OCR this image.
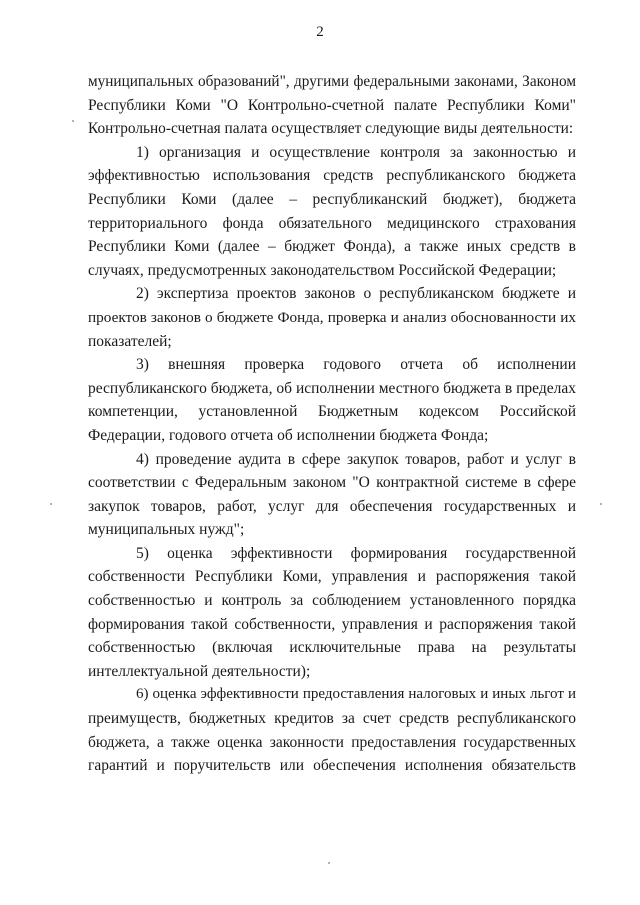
2
муниципальных образований", другими федеральными законами, Законом
Республики Коми "О Контрольно-счетной палате Республики Коми"
Контрольно-счетная палата осуществляет следующие виды деятельности:
1) организация и осуществление контроля за законностью и
эффективностью использования средств республиканского бюджета
Республики Коми (далее – республиканский бюджет), бюджета
территориального фонда обязательного медицинского страхования
Республики Коми (далее – бюджет Фонда), а также иных средств в
случаях, предусмотренных законодательством Российской Федерации;
2) экспертиза проектов законов о республиканском бюджете и
проектов законов о бюджете Фонда, проверка и анализ обоснованности их
показателей;
3) внешняя проверка годового отчета об исполнении
республиканского бюджета, об исполнении местного бюджета в пределах
компетенции, установленной Бюджетным кодексом Российской
Федерации, годового отчета об исполнении бюджета Фонда;
4) проведение аудита в сфере закупок товаров, работ и услуг в
соответствии с Федеральным законом "О контрактной системе в сфере
закупок товаров, работ, услуг для обеспечения государственных и
муниципальных нужд";
5) оценка эффективности формирования государственной
собственности Республики Коми, управления и распоряжения такой
собственностью и контроль за соблюдением установленного порядка
формирования такой собственности, управления и распоряжения такой
собственностью (включая исключительные права на результаты
интеллектуальной деятельности);
6) оценка эффективности предоставления налоговых и иных льгот и
преимуществ, бюджетных кредитов за счет средств республиканского
бюджета, а также оценка законности предоставления государственных
гарантий и поручительств или обеспечения исполнения обязательств
